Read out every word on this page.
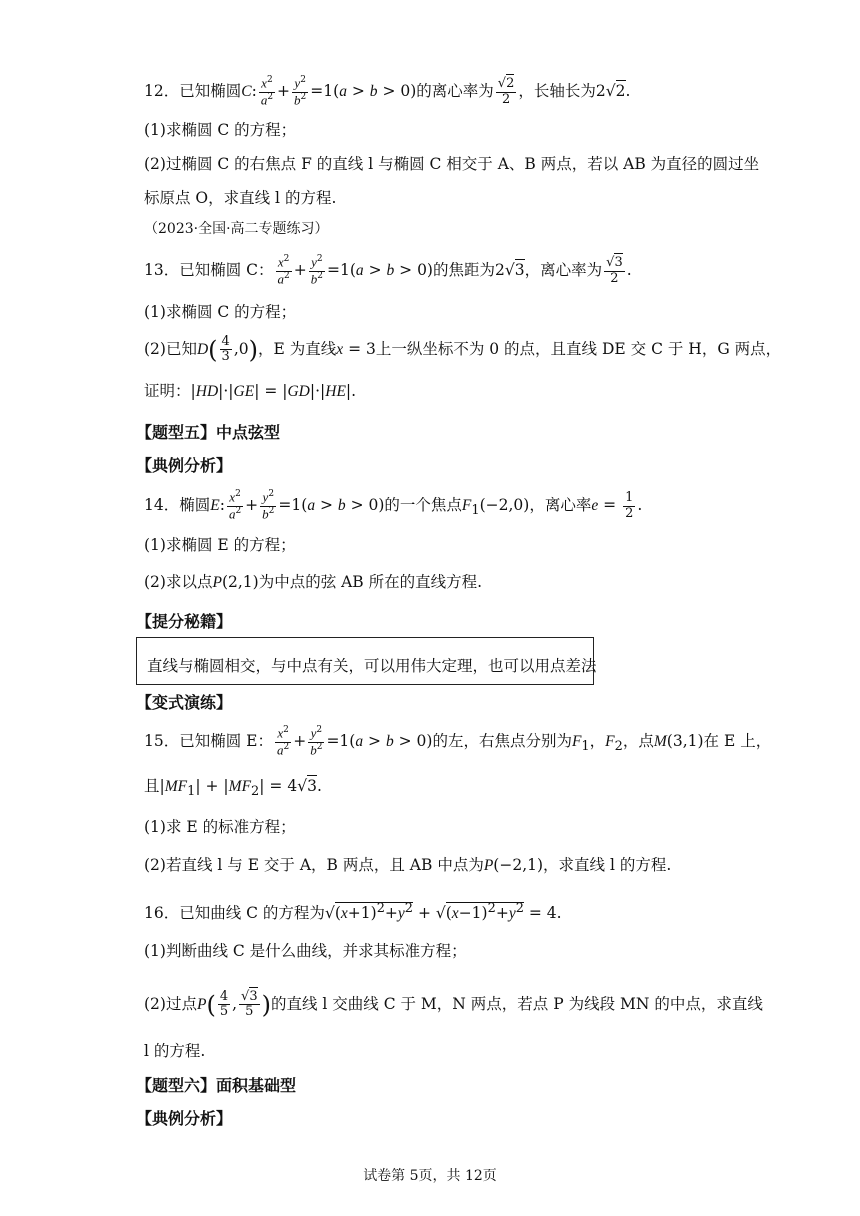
12．已知椭圆C: $\frac{x^2}{a^2} + \frac{y^2}{b^2} =1(a > b > 0)$的离心率为 $\frac{√2}{2}$ ，长轴长为2√2.
(1)求椭圆 C 的方程；
(2)过椭圆 C 的右焦点 F 的直线 l 与椭圆 C 相交于 A、B 两点，若以 AB 为直径的圆过坐
标原点 O，求直线 l 的方程.
（2023·全国·高二专题练习）
13．已知椭圆 C： $\frac{x^2}{a^2} + \frac{y^2}{b^2} =1(a > b > 0)$的焦距为2√3，离心率为 $\frac{√3}{2}$ .
(1)求椭圆 C 的方程；
(2)已知$D( \frac{4}{3} ,0)$，E 为直线x = 3上一纵坐标不为 0 的点，且直线 DE 交 C 于 H，G 两点，
证明：|HD|·|GE| = |GD|·|HE|.
【题型五】中点弦型
【典例分析】
14．椭圆E: $\frac{x^2}{a^2} + \frac{y^2}{b^2} =1(a > b > 0)$的一个焦点$F_1(-2,0)$，离心率$e = \frac{1}{2}$ .
(1)求椭圆 E 的方程；
(2)求以点P(2,1)为中点的弦 AB 所在的直线方程.
【提分秘籍】
直线与椭圆相交，与中点有关，可以用伟大定理，也可以用点差法
【变式演练】
15．已知椭圆 E： $\frac{x^2}{a^2} + \frac{y^2}{b^2} =1(a > b > 0)$的左，右焦点分别为$F_1$，$F_2$，点M(3,1)在 E 上，
且$|MF_1| + |MF_2| = 4√3$.
(1)求 E 的标准方程；
(2)若直线 l 与 E 交于 A，B 两点，且 AB 中点为P(−2,1)，求直线 l 的方程.
16．已知曲线 C 的方程为$√(x+1)^2+y^2 + √(x-1)^2+y^2 = 4$.
(1)判断曲线 C 是什么曲线，并求其标准方程；
(2)过点$P( \frac{4}{5}$ , $\frac{√3}{5}$ )的直线 l 交曲线 C 于 M，N 两点，若点 P 为线段 MN 的中点，求直线
l 的方程.
【题型六】面积基础型
【典例分析】
试卷第 5页，共 12页
